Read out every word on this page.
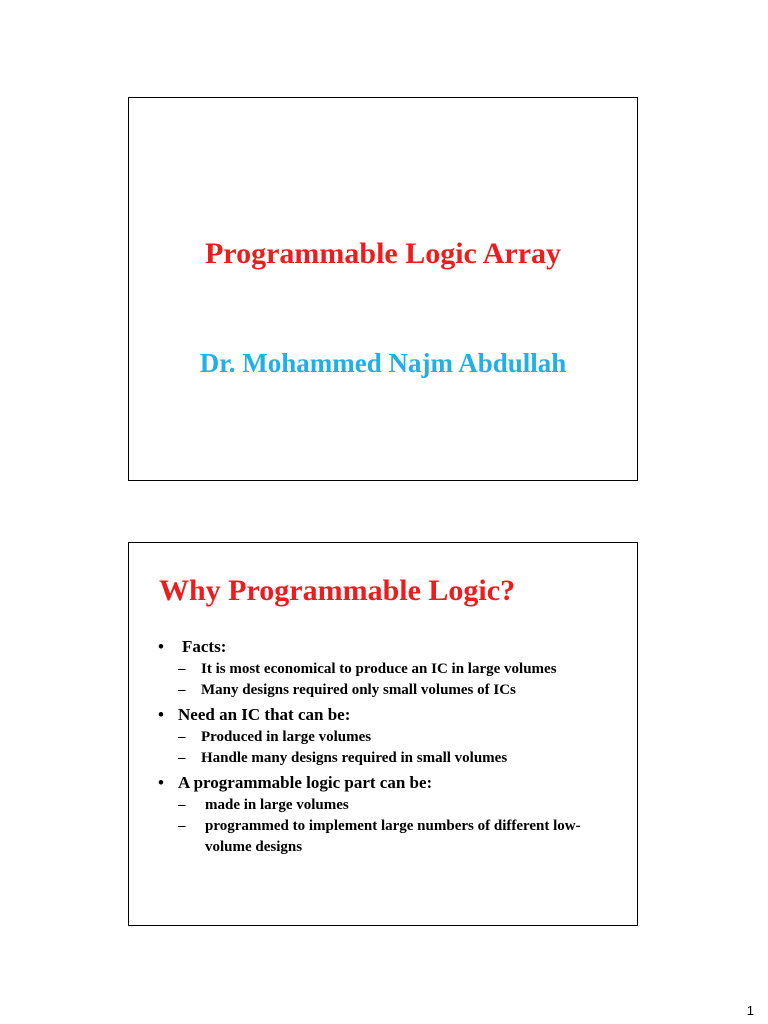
Programmable Logic Array
Dr. Mohammed Najm Abdullah
Why Programmable Logic?
• Facts:
– It is most economical to produce an IC in large volumes
– Many designs required only small volumes of ICs
• Need an IC that can be:
– Produced in large volumes
– Handle many designs required in small volumes
• A programmable logic part can be:
– made in large volumes
– programmed to implement large numbers of different low-volume designs
1
